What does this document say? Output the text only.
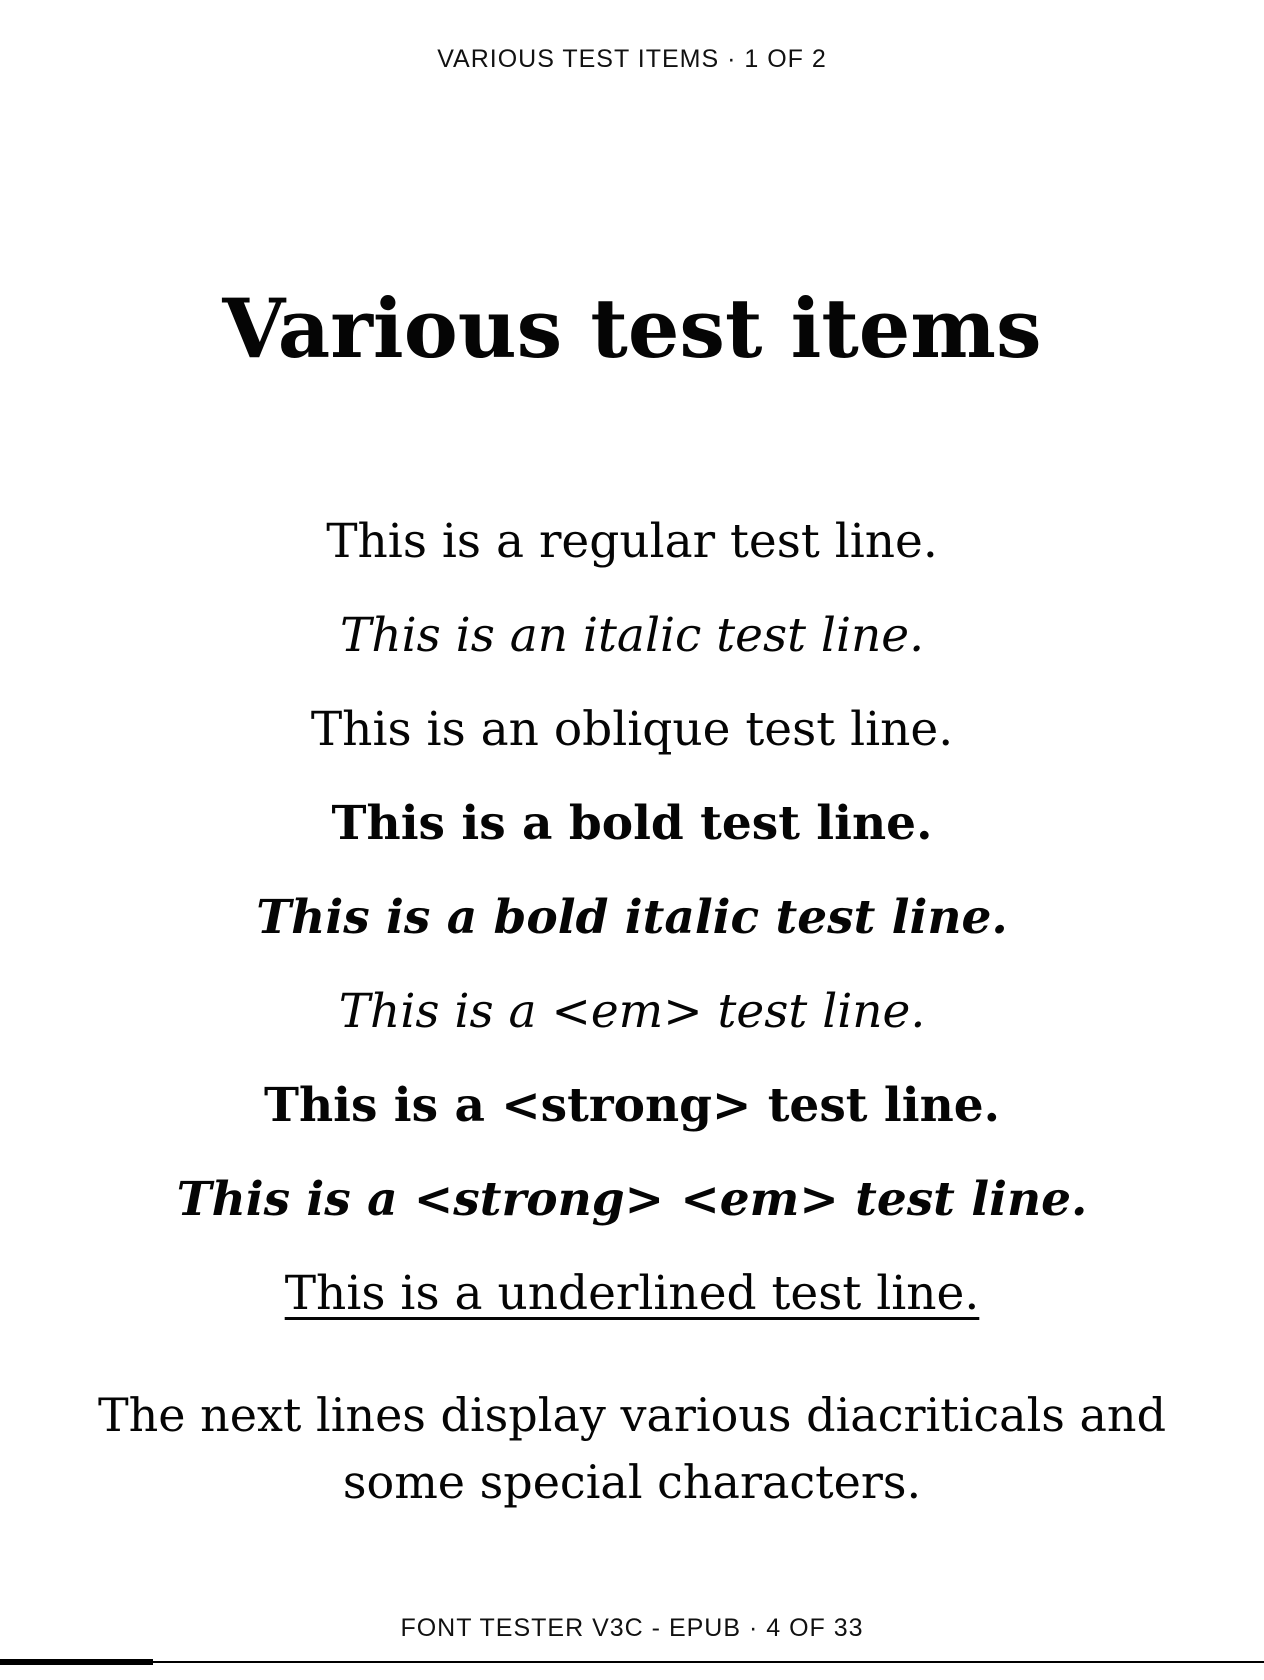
VARIOUS TEST ITEMS · 1 OF 2
Various test items

This is a regular test line.

This is an italic test line.

This is an oblique test line.

This is a bold test line.

This is a bold italic test line.

This is a <em> test line.

This is a <strong> test line.

This is a <strong> <em> test line.

This is a underlined test line.

The next lines display various diacriticals and some special characters.

FONT TESTER V3C - EPUB · 4 OF 33
